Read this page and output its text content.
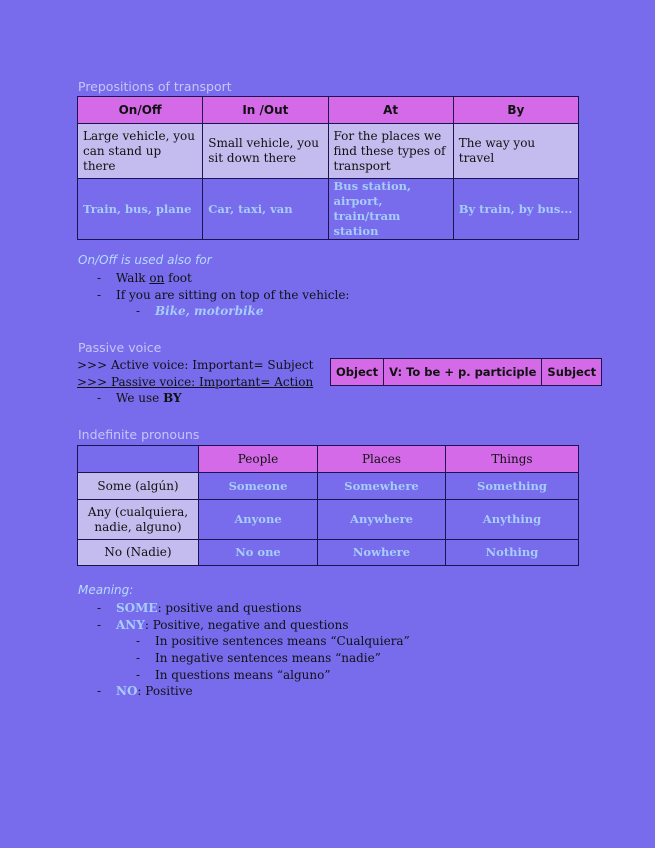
Prepositions of transport
On/Off	In /Out	At	By
Large vehicle, you can stand up there	Small vehicle, you sit down there	For the places we find these types of transport	The way you travel
Train, bus, plane	Car, taxi, van	Bus station, airport, train/tram station	By train, by bus...
On/Off is used also for
- Walk on foot
- If you are sitting on top of the vehicle:
- Bike, motorbike
Passive voice
>>> Active voice: Important= Subject
>>> Passive voice: Important= Action
- We use BY
Object	V: To be + p. participle	Subject
Indefinite pronouns
	People	Places	Things
Some (algún)	Someone	Somewhere	Something
Any (cualquiera, nadie, alguno)	Anyone	Anywhere	Anything
No (Nadie)	No one	Nowhere	Nothing
Meaning:
- SOME: positive and questions
- ANY: Positive, negative and questions
- In positive sentences means “Cualquiera”
- In negative sentences means “nadie”
- In questions means “alguno”
- NO: Positive
